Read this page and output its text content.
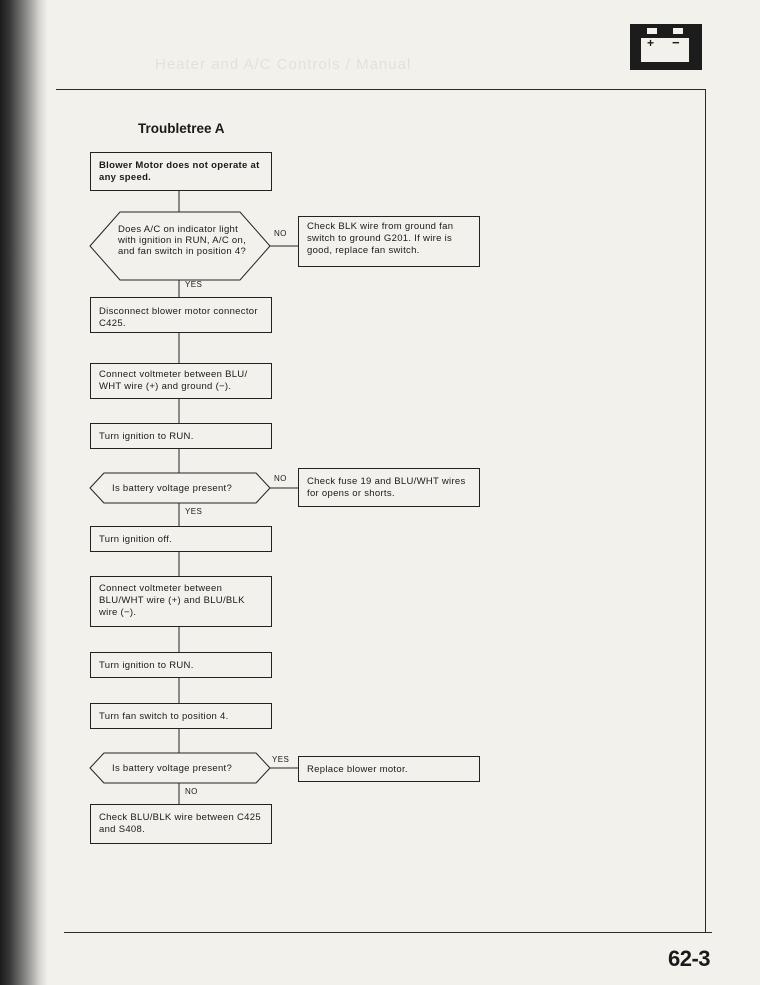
Heater and A/C Controls / Manual
+ −
Troubletree A
Blower Motor does not operate at any speed.
Does A/C on indicator light with ignition in RUN, A/C on, and fan switch in position 4?
NO
YES
Check BLK wire from ground fan switch to ground G201. If wire is good, replace fan switch.
Disconnect blower motor connector C425.
Connect voltmeter between BLU/ WHT wire (+) and ground (−).
Turn ignition to RUN.
Is battery voltage present?
NO
YES
Check fuse 19 and BLU/WHT wires for opens or shorts.
Turn ignition off.
Connect voltmeter between BLU/WHT wire (+) and BLU/BLK wire (−).
Turn ignition to RUN.
Turn fan switch to position 4.
Is battery voltage present?
YES
NO
Replace blower motor.
Check BLU/BLK wire between C425 and S408.
62-3
